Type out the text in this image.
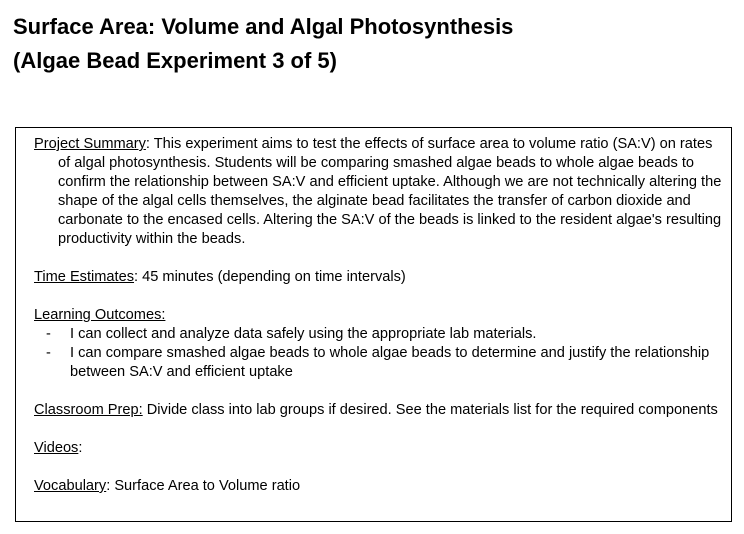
Surface Area: Volume and Algal Photosynthesis
(Algae Bead Experiment 3 of 5)

Project Summary: This experiment aims to test the effects of surface area to volume ratio (SA:V) on rates of algal photosynthesis. Students will be comparing smashed algae beads to whole algae beads to confirm the relationship between SA:V and efficient uptake. Although we are not technically altering the shape of the algal cells themselves, the alginate bead facilitates the transfer of carbon dioxide and carbonate to the encased cells. Altering the SA:V of the beads is linked to the resident algae's resulting productivity within the beads.

Time Estimates: 45 minutes (depending on time intervals)

Learning Outcomes:

- I can collect and analyze data safely using the appropriate lab materials.
- I can compare smashed algae beads to whole algae beads to determine and justify the relationship between SA:V and efficient uptake

Classroom Prep: Divide class into lab groups if desired. See the materials list for the required components

Videos:

Vocabulary: Surface Area to Volume ratio
